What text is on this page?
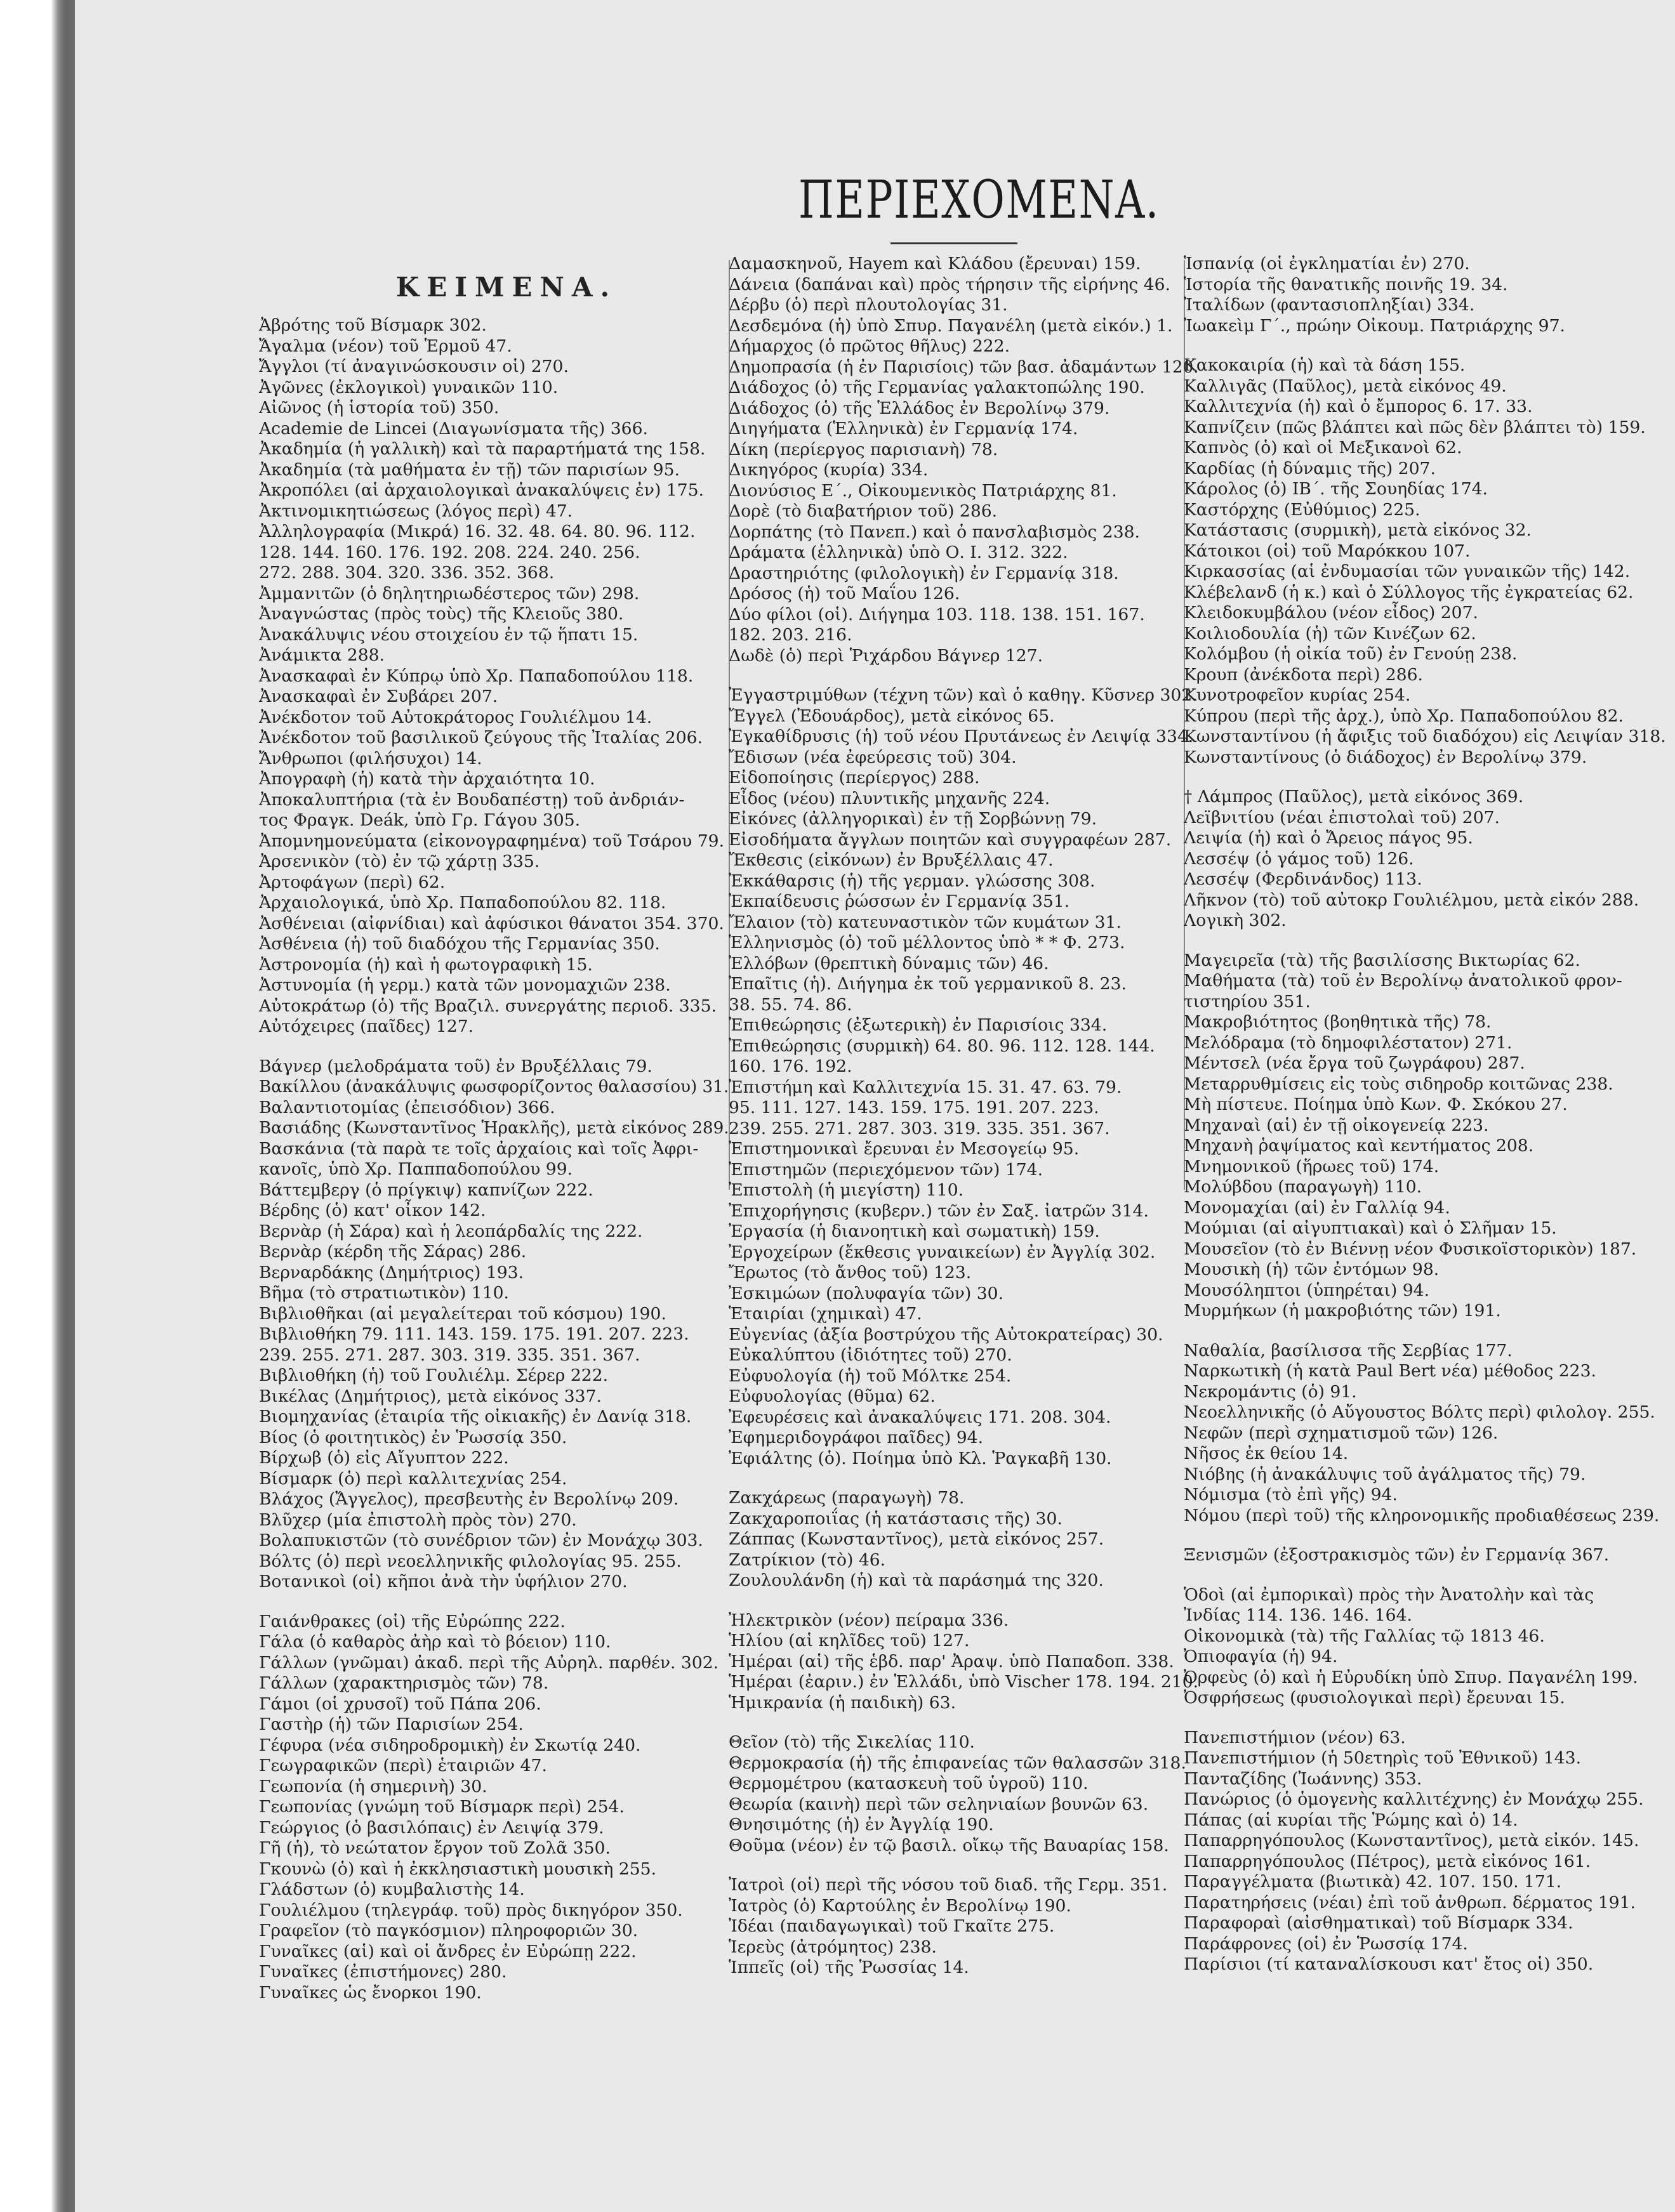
ΠΕΡΙΕΧΟΜΕΝΑ.
ΚΕΙΜΕΝΑ.

Ἀβρότης τοῦ Βίσμαρκ 302.

Ἄγαλμα (νέον) τοῦ Ἑρμοῦ 47.

Ἄγγλοι (τί ἀναγινώσκουσιν οἱ) 270.

Ἀγῶνες (ἐκλογικοὶ) γυναικῶν 110.

Αἰῶνος (ἡ ἱστορία τοῦ) 350.

Academie de Lincei (Διαγωνίσματα τῆς) 366.

Ἀκαδημία (ἡ γαλλικὴ) καὶ τὰ παραρτήματά της 158.

Ἀκαδημία (τὰ μαθήματα ἐν τῇ) τῶν παρισίων 95.

Ἀκροπόλει (αἱ ἀρχαιολογικαὶ ἀνακαλύψεις ἐν) 175.

Ἀκτινομικητιώσεως (λόγος περὶ) 47.

Ἀλληλογραφία (Μικρά) 16. 32. 48. 64. 80. 96. 112.

128. 144. 160. 176. 192. 208. 224. 240. 256.

272. 288. 304. 320. 336. 352. 368.

Ἀμμανιτῶν (ὁ δηλητηριωδέστερος τῶν) 298.

Ἀναγνώστας (πρὸς τοὺς) τῆς Κλειοῦς 380.

Ἀνακάλυψις νέου στοιχείου ἐν τῷ ἥπατι 15.

Ἀνάμικτα 288.

Ἀνασκαφαὶ ἐν Κύπρῳ ὑπὸ Χρ. Παπαδοπούλου 118.

Ἀνασκαφαὶ ἐν Συβάρει 207.

Ἀνέκδοτον τοῦ Αὐτοκράτορος Γουλιέλμου 14.

Ἀνέκδοτον τοῦ βασιλικοῦ ζεύγους τῆς Ἰταλίας 206.

Ἄνθρωποι (φιλήσυχοι) 14.

Ἀπογραφὴ (ἡ) κατὰ τὴν ἀρχαιότητα 10.

Ἀποκαλυπτήρια (τὰ ἐν Βουδαπέστῃ) τοῦ ἀνδριάν-

τος Φραγκ. Deák, ὑπὸ Γρ. Γάγου 305.

Ἀπομνημονεύματα (εἰκονογραφημένα) τοῦ Τσάρου 79.

Ἀρσενικὸν (τὸ) ἐν τῷ χάρτῃ 335.

Ἀρτοφάγων (περὶ) 62.

Ἀρχαιολογικά, ὑπὸ Χρ. Παπαδοπούλου 82. 118.

Ἀσθένειαι (αἰφνίδιαι) καὶ ἀφύσικοι θάνατοι 354. 370.

Ἀσθένεια (ἡ) τοῦ διαδόχου τῆς Γερμανίας 350.

Ἀστρονομία (ἡ) καὶ ἡ φωτογραφικὴ 15.

Ἀστυνομία (ἡ γερμ.) κατὰ τῶν μονομαχιῶν 238.

Αὐτοκράτωρ (ὁ) τῆς Βραζιλ. συνεργάτης περιοδ. 335.

Αὐτόχειρες (παῖδες) 127.

Βάγνερ (μελοδράματα τοῦ) ἐν Βρυξέλλαις 79.

Βακίλλου (ἀνακάλυψις φωσφορίζοντος θαλασσίου) 31.

Βαλαντιοτομίας (ἐπεισόδιον) 366.

Βασιάδης (Κωνσταντῖνος Ἡρακλῆς), μετὰ εἰκόνος 289.

Βασκάνια (τὰ παρὰ τε τοῖς ἀρχαίοις καὶ τοῖς Ἀφρι-

κανοῖς, ὑπὸ Χρ. Παππαδοπούλου 99.

Βάττεμβεργ (ὁ πρίγκιψ) καπνίζων 222.

Βέρδης (ὁ) κατ' οἶκον 142.

Βερνὰρ (ἡ Σάρα) καὶ ἡ λεοπάρδαλίς της 222.

Βερνὰρ (κέρδη τῆς Σάρας) 286.

Βερναρδάκης (Δημήτριος) 193.

Βῆμα (τὸ στρατιωτικὸν) 110.

Βιβλιοθῆκαι (αἱ μεγαλείτεραι τοῦ κόσμου) 190.

Βιβλιοθήκη 79. 111. 143. 159. 175. 191. 207. 223.

239. 255. 271. 287. 303. 319. 335. 351. 367.

Βιβλιοθήκη (ἡ) τοῦ Γουλιέλμ. Σέρερ 222.

Βικέλας (Δημήτριος), μετὰ εἰκόνος 337.

Βιομηχανίας (ἑταιρία τῆς οἰκιακῆς) ἐν Δανίᾳ 318.

Βίος (ὁ φοιτητικὸς) ἐν Ῥωσσίᾳ 350.

Βίρχωβ (ὁ) εἰς Αἴγυπτον 222.

Βίσμαρκ (ὁ) περὶ καλλιτεχνίας 254.

Βλάχος (Ἄγγελος), πρεσβευτὴς ἐν Βερολίνῳ 209.

Βλῦχερ (μία ἐπιστολὴ πρὸς τὸν) 270.

Βολαπυκιστῶν (τὸ συνέδριον τῶν) ἐν Μονάχῳ 303.

Βόλτς (ὁ) περὶ νεοελληνικῆς φιλολογίας 95. 255.

Βοτανικοὶ (οἱ) κῆποι ἀνὰ τὴν ὑφήλιον 270.

Γαιάνθρακες (οἱ) τῆς Εὐρώπης 222.

Γάλα (ὁ καθαρὸς ἀὴρ καὶ τὸ βόειον) 110.

Γάλλων (γνῶμαι) ἀκαδ. περὶ τῆς Αὐρηλ. παρθέν. 302.

Γάλλων (χαρακτηρισμὸς τῶν) 78.

Γάμοι (οἱ χρυσοῖ) τοῦ Πάπα 206.

Γαστὴρ (ἡ) τῶν Παρισίων 254.

Γέφυρα (νέα σιδηροδρομικὴ) ἐν Σκωτίᾳ 240.

Γεωγραφικῶν (περὶ) ἑταιριῶν 47.

Γεωπονία (ἡ σημερινὴ) 30.

Γεωπονίας (γνώμη τοῦ Βίσμαρκ περὶ) 254.

Γεώργιος (ὁ βασιλόπαις) ἐν Λειψίᾳ 379.

Γῆ (ἡ), τὸ νεώτατον ἔργον τοῦ Ζολᾶ 350.

Γκουνὼ (ὁ) καὶ ἡ ἐκκλησιαστικὴ μουσικὴ 255.

Γλάδστων (ὁ) κυμβαλιστὴς 14.

Γουλιέλμου (τηλεγράφ. τοῦ) πρὸς δικηγόρον 350.

Γραφεῖον (τὸ παγκόσμιον) πληροφοριῶν 30.

Γυναῖκες (αἱ) καὶ οἱ ἄνδρες ἐν Εὐρώπῃ 222.

Γυναῖκες (ἐπιστήμονες) 280.

Γυναῖκες ὡς ἔνορκοι 190.

Δαμασκηνοῦ, Hayem καὶ Κλάδου (ἔρευναι) 159.

Δάνεια (δαπάναι καὶ) πρὸς τήρησιν τῆς εἰρήνης 46.

Δέρβυ (ὁ) περὶ πλουτολογίας 31.

Δεσδεμόνα (ἡ) ὑπὸ Σπυρ. Παγανέλη (μετὰ εἰκόν.) 1.

Δήμαρχος (ὁ πρῶτος θῆλυς) 222.

Δημοπρασία (ἡ ἐν Παρισίοις) τῶν βασ. ἀδαμάντων 120.

Διάδοχος (ὁ) τῆς Γερμανίας γαλακτοπώλης 190.

Διάδοχος (ὁ) τῆς Ἑλλάδος ἐν Βερολίνῳ 379.

Διηγήματα (Ἑλληνικὰ) ἐν Γερμανίᾳ 174.

Δίκη (περίεργος παρισιανὴ) 78.

Δικηγόρος (κυρία) 334.

Διονύσιος Ε΄., Οἰκουμενικὸς Πατριάρχης 81.

Δορὲ (τὸ διαβατήριον τοῦ) 286.

Δορπάτης (τὸ Πανεπ.) καὶ ὁ πανσλαβισμὸς 238.

Δράματα (ἑλληνικὰ) ὑπὸ Ο. Ι. 312. 322.

Δραστηριότης (φιλολογικὴ) ἐν Γερμανίᾳ 318.

Δρόσος (ἡ) τοῦ Μαΐου 126.

Δύο φίλοι (οἱ). Διήγημα 103. 118. 138. 151. 167.

182. 203. 216.

Δωδὲ (ὁ) περὶ Ῥιχάρδου Βάγνερ 127.

Ἐγγαστριμύθων (τέχνη τῶν) καὶ ὁ καθηγ. Κῦσνερ 302.

Ἔγγελ (Ἐδουάρδος), μετὰ εἰκόνος 65.

Ἐγκαθίδρυσις (ἡ) τοῦ νέου Πρυτάνεως ἐν Λειψίᾳ 334.

Ἔδισων (νέα ἐφεύρεσις τοῦ) 304.

Εἰδοποίησις (περίεργος) 288.

Εἶδος (νέου) πλυντικῆς μηχανῆς 224.

Εἰκόνες (ἀλληγορικαὶ) ἐν τῇ Σορβώννῃ 79.

Εἰσοδήματα ἄγγλων ποιητῶν καὶ συγγραφέων 287.

Ἔκθεσις (εἰκόνων) ἐν Βρυξέλλαις 47.

Ἐκκάθαρσις (ἡ) τῆς γερμαν. γλώσσης 308.

Ἐκπαίδευσις ῥώσσων ἐν Γερμανίᾳ 351.

Ἔλαιον (τὸ) κατευναστικὸν τῶν κυμάτων 31.

Ἑλληνισμὸς (ὁ) τοῦ μέλλοντος ὑπὸ * * Φ. 273.

Ἐλλόβων (θρεπτικὴ δύναμις τῶν) 46.

Ἐπαῖτις (ἡ). Διήγημα ἐκ τοῦ γερμανικοῦ 8. 23.

38. 55. 74. 86.

Ἐπιθεώρησις (ἐξωτερικὴ) ἐν Παρισίοις 334.

Ἐπιθεώρησις (συρμικὴ) 64. 80. 96. 112. 128. 144.

160. 176. 192.

Ἐπιστήμη καὶ Καλλιτεχνία 15. 31. 47. 63. 79.

95. 111. 127. 143. 159. 175. 191. 207. 223.

239. 255. 271. 287. 303. 319. 335. 351. 367.

Ἐπιστημονικαὶ ἔρευναι ἐν Μεσογείῳ 95.

Ἐπιστημῶν (περιεχόμενον τῶν) 174.

Ἐπιστολὴ (ἡ μιεγίστη) 110.

Ἐπιχορήγησις (κυβερν.) τῶν ἐν Σαξ. ἰατρῶν 314.

Ἐργασία (ἡ διανοητικὴ καὶ σωματικὴ) 159.

Ἐργοχείρων (ἔκθεσις γυναικείων) ἐν Ἀγγλίᾳ 302.

Ἔρωτος (τὸ ἄνθος τοῦ) 123.

Ἐσκιμώων (πολυφαγία τῶν) 30.

Ἑταιρίαι (χημικαὶ) 47.

Εὐγενίας (ἀξία βοστρύχου τῆς Αὐτοκρατείρας) 30.

Εὐκαλύπτου (ἰδιότητες τοῦ) 270.

Εὐφυολογία (ἡ) τοῦ Μόλτκε 254.

Εὐφυολογίας (θῦμα) 62.

Ἐφευρέσεις καὶ ἀνακαλύψεις 171. 208. 304.

Ἐφημεριδογράφοι παῖδες) 94.

Ἐφιάλτης (ὁ). Ποίημα ὑπὸ Κλ. Ῥαγκαβῆ 130.

Ζακχάρεως (παραγωγὴ) 78.

Ζακχαροποιΐας (ἡ κατάστασις τῆς) 30.

Ζάππας (Κωνσταντῖνος), μετὰ εἰκόνος 257.

Ζατρίκιον (τὸ) 46.

Ζουλουλάνδη (ἡ) καὶ τὰ παράσημά της 320.

Ἠλεκτρικὸν (νέον) πείραμα 336.

Ἡλίου (αἱ κηλῖδες τοῦ) 127.

Ἡμέραι (αἱ) τῆς ἑβδ. παρ' Ἀραψ. ὑπὸ Παπαδοπ. 338.

Ἡμέραι (ἐαριν.) ἐν Ἑλλάδι, ὑπὸ Vischer 178. 194. 210.

Ἡμικρανία (ἡ παιδικὴ) 63.

Θεῖον (τὸ) τῆς Σικελίας 110.

Θερμοκρασία (ἡ) τῆς ἐπιφανείας τῶν θαλασσῶν 318.

Θερμομέτρου (κατασκευὴ τοῦ ὑγροῦ) 110.

Θεωρία (καινὴ) περὶ τῶν σεληνιαίων βουνῶν 63.

Θνησιμότης (ἡ) ἐν Ἀγγλίᾳ 190.

Θοῦμα (νέον) ἐν τῷ βασιλ. οἴκῳ τῆς Βαυαρίας 158.

Ἰατροὶ (οἱ) περὶ τῆς νόσου τοῦ διαδ. τῆς Γερμ. 351.

Ἰατρὸς (ὁ) Καρτούλης ἐν Βερολίνῳ 190.

Ἰδέαι (παιδαγωγικαὶ) τοῦ Γκαῖτε 275.

Ἱερεὺς (ἀτρόμητος) 238.

Ἱππεῖς (οἱ) τῆς Ῥωσσίας 14.

Ἱσπανίᾳ (οἱ ἐγκληματίαι ἐν) 270.

Ἱστορία τῆς θανατικῆς ποινῆς 19. 34.

Ἰταλίδων (φαντασιοπληξίαι) 334.

Ἰωακεὶμ Γ΄., πρώην Οἰκουμ. Πατριάρχης 97.

Κακοκαιρία (ἡ) καὶ τὰ δάση 155.

Καλλιγᾶς (Παῦλος), μετὰ εἰκόνος 49.

Καλλιτεχνία (ἡ) καὶ ὁ ἔμπορος 6. 17. 33.

Καπνίζειν (πῶς βλάπτει καὶ πῶς δὲν βλάπτει τὸ) 159.

Καπνὸς (ὁ) καὶ οἱ Μεξικανοὶ 62.

Καρδίας (ἡ δύναμις τῆς) 207.

Κάρολος (ὁ) ΙΒ΄. τῆς Σουηδίας 174.

Καστόρχης (Εὐθύμιος) 225.

Κατάστασις (συρμικὴ), μετὰ εἰκόνος 32.

Κάτοικοι (οἱ) τοῦ Μαρόκκου 107.

Κιρκασσίας (αἱ ἐνδυμασίαι τῶν γυναικῶν τῆς) 142.

Κλέβελανδ (ἡ κ.) καὶ ὁ Σύλλογος τῆς ἐγκρατείας 62.

Κλειδοκυμβάλου (νέον εἶδος) 207.

Κοιλιοδουλία (ἡ) τῶν Κινέζων 62.

Κολόμβου (ἡ οἰκία τοῦ) ἐν Γενούῃ 238.

Κρουπ (ἀνέκδοτα περὶ) 286.

Κυνοτροφεῖον κυρίας 254.

Κύπρου (περὶ τῆς ἀρχ.), ὑπὸ Χρ. Παπαδοπούλου 82.

Κωνσταντίνου (ἡ ἄφιξις τοῦ διαδόχου) εἰς Λειψίαν 318.

Κωνσταντίνους (ὁ διάδοχος) ἐν Βερολίνῳ 379.

† Λάμπρος (Παῦλος), μετὰ εἰκόνος 369.

Λεϊβνιτίου (νέαι ἐπιστολαὶ τοῦ) 207.

Λειψία (ἡ) καὶ ὁ Ἄρειος πάγος 95.

Λεσσέψ (ὁ γάμος τοῦ) 126.

Λεσσέψ (Φερδινάνδος) 113.

Λῆκνον (τὸ) τοῦ αὐτοκρ Γουλιέλμου, μετὰ εἰκόν 288.

Λογικὴ 302.

Μαγειρεῖα (τὰ) τῆς βασιλίσσης Βικτωρίας 62.

Μαθήματα (τὰ) τοῦ ἐν Βερολίνῳ ἀνατολικοῦ φρον-

τιστηρίου 351.

Μακροβιότητος (βοηθητικὰ τῆς) 78.

Μελόδραμα (τὸ δημοφιλέστατον) 271.

Μέντσελ (νέα ἔργα τοῦ ζωγράφου) 287.

Μεταρρυθμίσεις εἰς τοὺς σιδηροδρ κοιτῶνας 238.

Μὴ πίστευε. Ποίημα ὑπὸ Κων. Φ. Σκόκου 27.

Μηχαναὶ (αἱ) ἐν τῇ οἰκογενείᾳ 223.

Μηχανὴ ῥαψίματος καὶ κεντήματος 208.

Μνημονικοῦ (ἥρωες τοῦ) 174.

Μολύβδου (παραγωγὴ) 110.

Μονομαχίαι (αἱ) ἐν Γαλλίᾳ 94.

Μούμιαι (αἱ αἰγυπτιακαὶ) καὶ ὁ Σλῆμαν 15.

Μουσεῖον (τὸ ἐν Βιέννῃ νέον Φυσικοϊστορικὸν) 187.

Μουσικὴ (ἡ) τῶν ἐντόμων 98.

Μουσόληπτοι (ὑπηρέται) 94.

Μυρμήκων (ἡ μακροβιότης τῶν) 191.

Ναθαλία, βασίλισσα τῆς Σερβίας 177.

Ναρκωτικὴ (ἡ κατὰ Paul Bert νέα) μέθοδος 223.

Νεκρομάντις (ὁ) 91.

Νεοελληνικῆς (ὁ Αὔγουστος Βόλτς περὶ) φιλολογ. 255.

Νεφῶν (περὶ σχηματισμοῦ τῶν) 126.

Νῆσος ἐκ θείου 14.

Νιόβης (ἡ ἀνακάλυψις τοῦ ἀγάλματος τῆς) 79.

Νόμισμα (τὸ ἐπὶ γῆς) 94.

Νόμου (περὶ τοῦ) τῆς κληρονομικῆς προδιαθέσεως 239.

Ξενισμῶν (ἐξοστρακισμὸς τῶν) ἐν Γερμανίᾳ 367.

Ὁδοὶ (αἱ ἐμπορικαὶ) πρὸς τὴν Ἀνατολὴν καὶ τὰς

Ἰνδίας 114. 136. 146. 164.

Οἰκονομικὰ (τὰ) τῆς Γαλλίας τῷ 1813 46.

Ὀπιοφαγία (ἡ) 94.

Ὀρφεὺς (ὁ) καὶ ἡ Εὐρυδίκη ὑπὸ Σπυρ. Παγανέλη 199.

Ὀσφρήσεως (φυσιολογικαὶ περὶ) ἔρευναι 15.

Πανεπιστήμιον (νέον) 63.

Πανεπιστήμιον (ἡ 50ετηρὶς τοῦ Ἐθνικοῦ) 143.

Πανταζίδης (Ἰωάννης) 353.

Πανώριος (ὁ ὁμογενὴς καλλιτέχνης) ἐν Μονάχῳ 255.

Πάπας (αἱ κυρίαι τῆς Ῥώμης καὶ ὁ) 14.

Παπαρρηγόπουλος (Κωνσταντῖνος), μετὰ εἰκόν. 145.

Παπαρρηγόπουλος (Πέτρος), μετὰ εἰκόνος 161.

Παραγγέλματα (βιωτικὰ) 42. 107. 150. 171.

Παρατηρήσεις (νέαι) ἐπὶ τοῦ ἀνθρωπ. δέρματος 191.

Παραφοραὶ (αἰσθηματικαὶ) τοῦ Βίσμαρκ 334.

Παράφρονες (οἱ) ἐν Ῥωσσίᾳ 174.

Παρίσιοι (τί καταναλίσκουσι κατ' ἔτος οἱ) 350.
